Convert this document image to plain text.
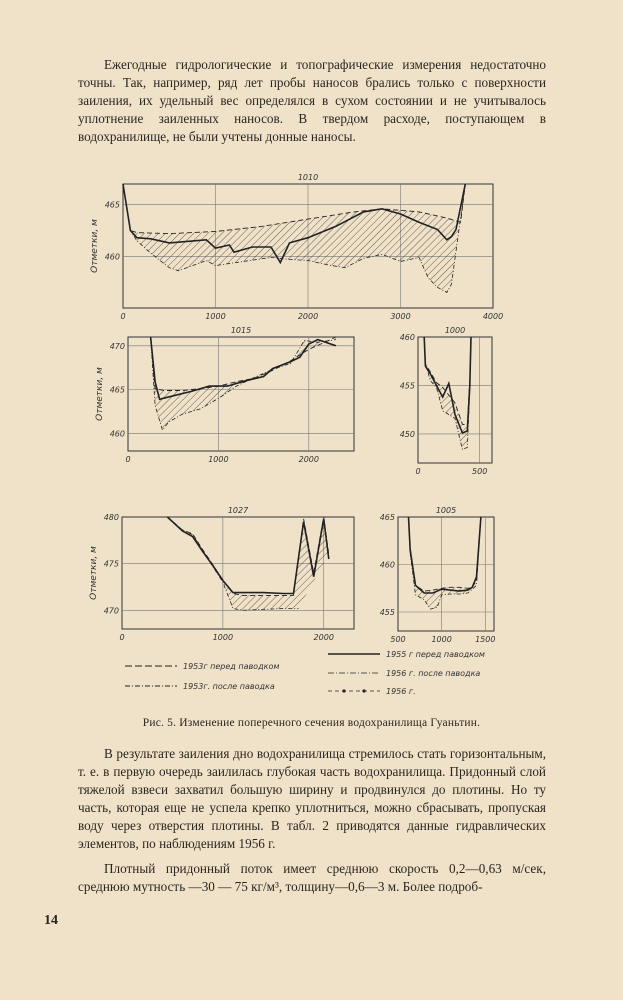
Ежегодные гидрологические и топографические измерения недостаточно точны. Так, например, ряд лет пробы наносов брались только с поверхности заиления, их удельный вес определялся в сухом состоянии и не учитывалось уплотнение заиленных наносов. В твердом расходе, поступающем в водохранилище, не были учтены донные наносы.

1010
0	1000	2000	3000	4000
465
460
Отметки, м
1015
0	1000	2000
470
465
460
Отметки, м
1000
0	500
460
455
450
1027
0	1000	2000
480
475
470
Отметки, м
1005
500	1000	1500
465
460
455
1953г перед паводком
1953г. после паводка
1955 г перед паводком
1956 г. после паводка
1956 г.
Рис. 5. Изменение поперечного сечения водохранилища Гуаньтин.

В результате заиления дно водохранилища стремилось стать горизонтальным, т. е. в первую очередь заилилась глубокая часть водохранилища. Придонный слой тяжелой взвеси захватил большую ширину и продвинулся до плотины. Но ту часть, которая еще не успела крепко уплотниться, можно сбрасывать, пропуская воду через отверстия плотины. В табл. 2 приводятся данные гидравлических элементов, по наблюдениям 1956 г.

Плотный придонный поток имеет среднюю скорость 0,2—0,63 м/сек, среднюю мутность —30 — 75 кг/м³, толщину—0,6—3 м. Более подроб-

14
